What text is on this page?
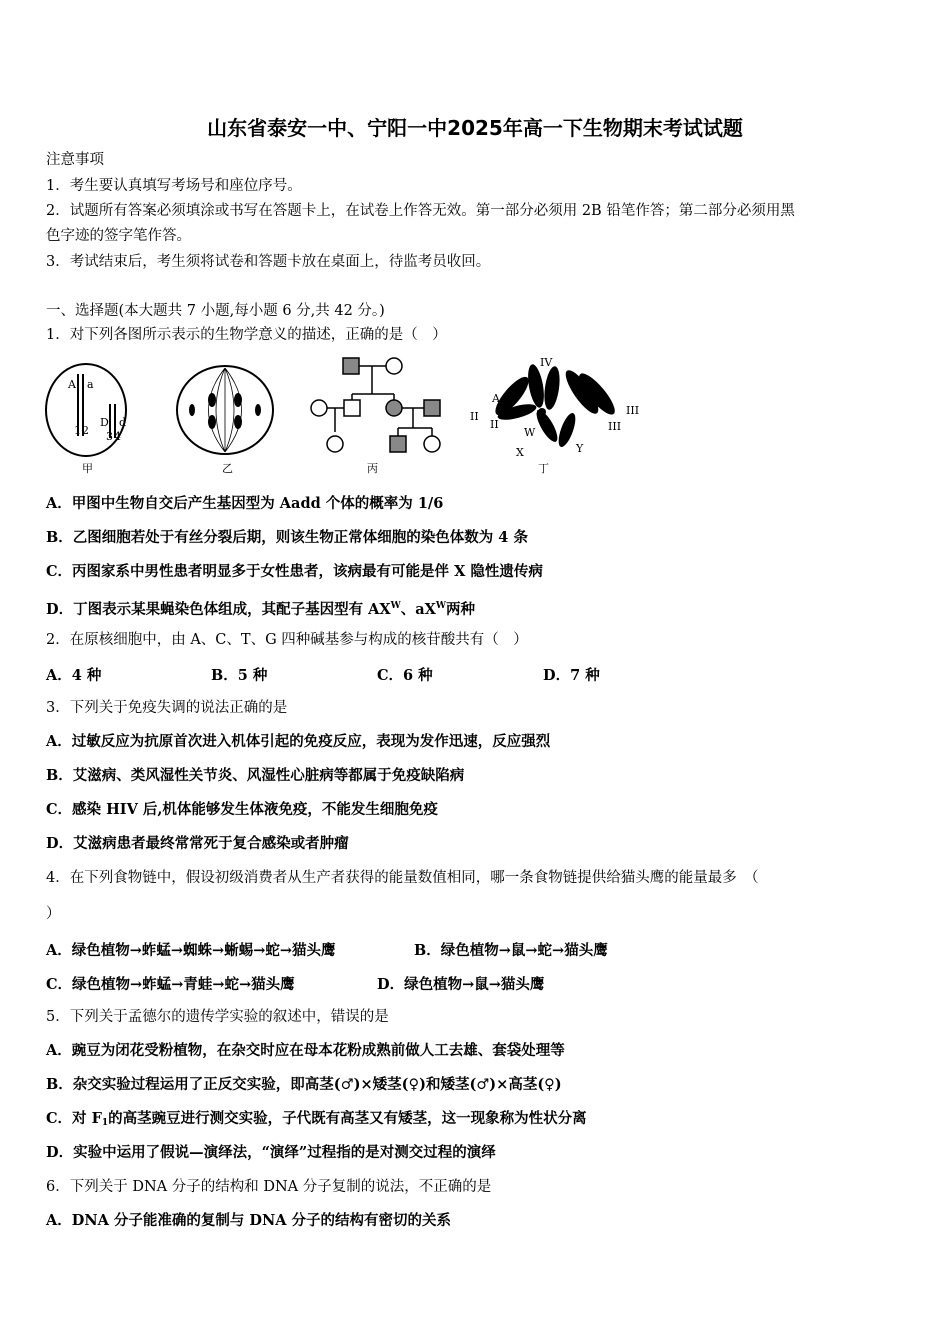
山东省泰安一中、宁阳一中2025年高一下生物期末考试试题
注意事项
1．考生要认真填写考场号和座位序号。
2．试题所有答案必须填涂或书写在答题卡上，在试卷上作答无效。第一部分必须用 2B 铅笔作答；第二部分必须用黑
色字迹的签字笔作答。
3．考试结束后，考生须将试卷和答题卡放在桌面上，待监考员收回。
一、选择题(本大题共 7 小题,每小题 6 分,共 42 分。)
1．对下列各图所示表示的生物学意义的描述，正确的是（　）
A a
1 2
D d
3 4
甲	乙	丙
IV
A
a
II
II
III
III
W
X	Y
丁
A．甲图中生物自交后产生基因型为 Aadd 个体的概率为 1/6
B．乙图细胞若处于有丝分裂后期，则该生物正常体细胞的染色体数为 4 条
C．丙图家系中男性患者明显多于女性患者，该病最有可能是伴 X 隐性遗传病
D．丁图表示某果蝇染色体组成，其配子基因型有 $AX^W$、$aX^W$两种
2．在原核细胞中，由 A、C、T、G 四种碱基参与构成的核苷酸共有（　）
A．4 种	B．5 种	C．6 种	D．7 种
3．下列关于免疫失调的说法正确的是
A．过敏反应为抗原首次进入机体引起的免疫反应，表现为发作迅速，反应强烈
B．艾滋病、类风湿性关节炎、风湿性心脏病等都属于免疫缺陷病
C．感染 HIV 后,机体能够发生体液免疫，不能发生细胞免疫
D．艾滋病患者最终常常死于复合感染或者肿瘤
4．在下列食物链中，假设初级消费者从生产者获得的能量数值相同，哪一条食物链提供给猫头鹰的能量最多　（
）
A．绿色植物→蚱蜢→蜘蛛→蜥蜴→蛇→猫头鹰	B．绿色植物→鼠→蛇→猫头鹰
C．绿色植物→蚱蜢→青蛙→蛇→猫头鹰	D．绿色植物→鼠→猫头鹰
5．下列关于孟德尔的遗传学实验的叙述中，错误的是
A．豌豆为闭花受粉植物，在杂交时应在母本花粉成熟前做人工去雄、套袋处理等
B．杂交实验过程运用了正反交实验，即高茎(♂)×矮茎(♀)和矮茎(♂)×高茎(♀)
C．对 $F_1$的高茎豌豆进行测交实验，子代既有高茎又有矮茎，这一现象称为性状分离
D．实验中运用了假说—演绎法，“演绎”过程指的是对测交过程的演绎
6．下列关于 DNA 分子的结构和 DNA 分子复制的说法，不正确的是
A．DNA 分子能准确的复制与 DNA 分子的结构有密切的关系
